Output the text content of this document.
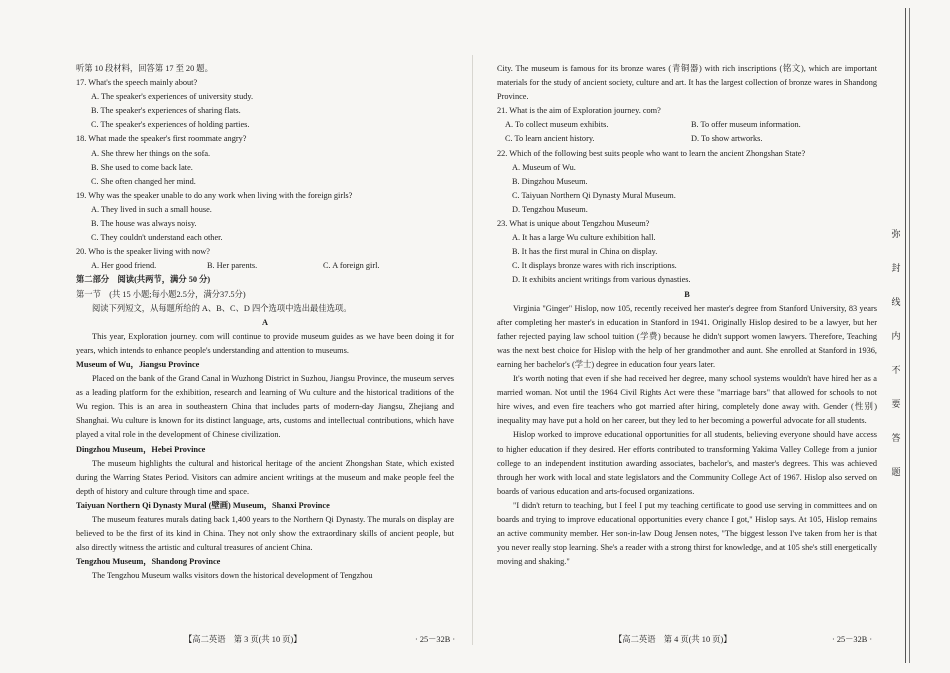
听第 10 段材料，回答第 17 至 20 题。
17. What's the speech mainly about?
A. The speaker's experiences of university study.
B. The speaker's experiences of sharing flats.
C. The speaker's experiences of holding parties.
18. What made the speaker's first roommate angry?
A. She threw her things on the sofa.
B. She used to come back late.
C. She often changed her mind.
19. Why was the speaker unable to do any work when living with the foreign girls?
A. They lived in such a small house.
B. The house was always noisy.
C. They couldn't understand each other.
20. Who is the speaker living with now?
A. Her good friend.	B. Her parents.	C. A foreign girl.
第二部分　阅读(共两节，满分 50 分)
第一节　(共 15 小题;每小题2.5分，满分37.5分)
阅读下列短文，从每题所给的 A、B、C、D 四个选项中选出最佳选项。
A
This year, Exploration journey. com will continue to provide museum guides as we have been doing it for years, which intends to enhance people's understanding and attention to museums.
Museum of Wu，Jiangsu Province
Placed on the bank of the Grand Canal in Wuzhong District in Suzhou, Jiangsu Province, the museum serves as a leading platform for the exhibition, research and learning of Wu culture and the historical traditions of the Wu region. This is an area in southeastern China that includes parts of modern-day Jiangsu, Zhejiang and Shanghai. Wu culture is known for its distinct language, arts, customs and intellectual contributions, which have played a vital role in the development of Chinese civilization.
Dingzhou Museum，Hebei Province
The museum highlights the cultural and historical heritage of the ancient Zhongshan State, which existed during the Warring States Period. Visitors can admire ancient writings at the museum and make people feel the depth of history and culture through time and space.
Taiyuan Northern Qi Dynasty Mural (壁画) Museum，Shanxi Province
The museum features murals dating back 1,400 years to the Northern Qi Dynasty. The murals on display are believed to be the first of its kind in China. They not only show the extraordinary skills of ancient people, but also directly witness the artistic and cultural treasures of ancient China.
Tengzhou Museum，Shandong Province
The Tengzhou Museum walks visitors down the historical development of Tengzhou
City. The museum is famous for its bronze wares (青铜器) with rich inscriptions (铭文), which are important materials for the study of ancient society, culture and art. It has the largest collection of bronze wares in Shandong Province.
21. What is the aim of Exploration journey. com?
A. To collect museum exhibits.	B. To offer museum information.
C. To learn ancient history.	D. To show artworks.
22. Which of the following best suits people who want to learn the ancient Zhongshan State?
A. Museum of Wu.
B. Dingzhou Museum.
C. Taiyuan Northern Qi Dynasty Mural Museum.
D. Tengzhou Museum.
23. What is unique about Tengzhou Museum?
A. It has a large Wu culture exhibition hall.
B. It has the first mural in China on display.
C. It displays bronze wares with rich inscriptions.
D. It exhibits ancient writings from various dynasties.
B
Virginia "Ginger" Hislop, now 105, recently received her master's degree from Stanford University, 83 years after completing her master's in education in Stanford in 1941. Originally Hislop desired to be a lawyer, but her father rejected paying law school tuition (学费) because he didn't support women lawyers. Therefore, Teaching was the next best choice for Hislop with the help of her grandmother and aunt. She enrolled at Stanford in 1936, earning her bachelor's (学士) degree in education four years later.
It's worth noting that even if she had received her degree, many school systems wouldn't have hired her as a married woman. Not until the 1964 Civil Rights Act were these "marriage bars" that allowed for schools to not hire wives, and even fire teachers who got married after hiring, completely done away with. Gender (性别) inequality may have put a hold on her career, but they led to her becoming a powerful advocate for all students.
Hislop worked to improve educational opportunities for all students, believing everyone should have access to higher education if they desired. Her efforts contributed to transforming Yakima Valley College from a junior college to an independent institution awarding associates, bachelor's, and master's degrees. This was achieved through her work with local and state legislators and the Community College Act of 1967. Hislop also served on boards of various education and arts-focused organizations.
"I didn't return to teaching, but I feel I put my teaching certificate to good use serving in committees and on boards and trying to improve educational opportunities every chance I got," Hislop says. At 105, Hislop remains an active community member. Her son-in-law Doug Jensen notes, "The biggest lesson I've taken from her is that you never really stop learning. She's a reader with a strong thirst for knowledge, and at 105 she's still energetically moving and shaking."
【高二英语　第 3 页(共 10 页)】	· 25－32B ·	【高二英语　第 4 页(共 10 页)】	· 25－32B ·
弥
封
线
内
不
要
答
题
